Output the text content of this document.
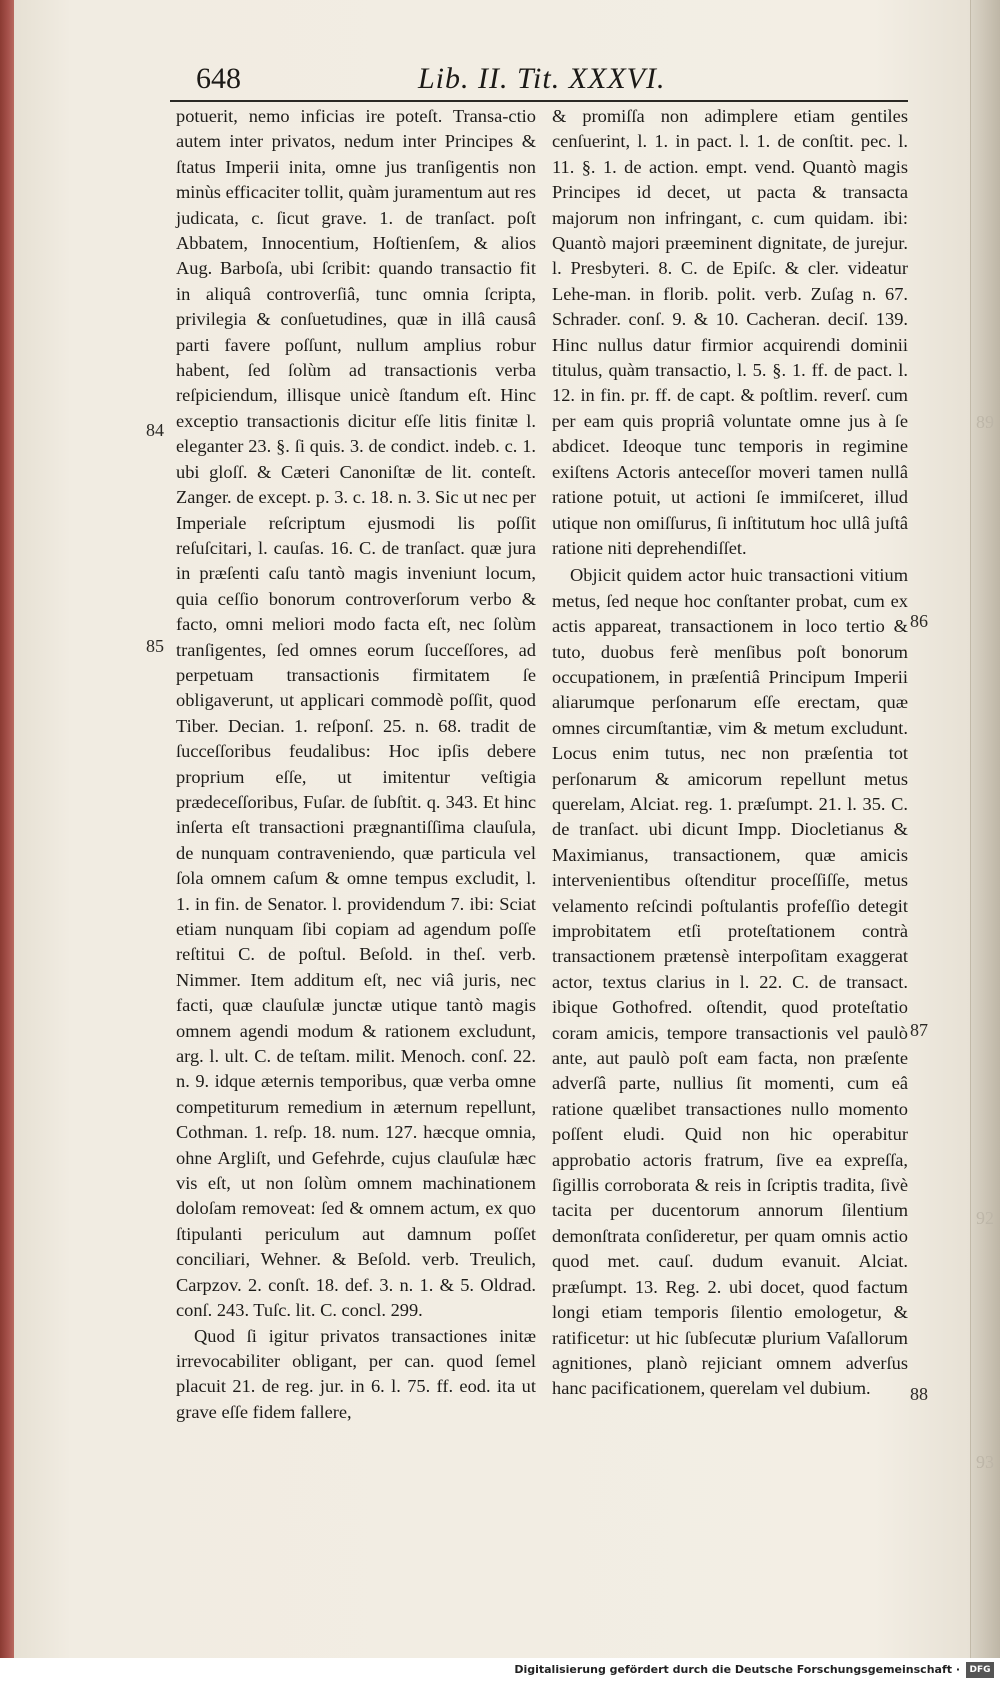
648	Lib. II. Tit. XXXVI.

potuerit, nemo inficias ire poteſt. Transa-ctio autem inter privatos, nedum inter Principes & ſtatus Imperii inita, omne jus tranſigentis non minùs efficaciter tollit, quàm juramentum aut res judicata, c. ſicut grave. 1. de tranſact. poſt Abbatem, Innocentium, Hoſtienſem, & alios Aug. Barboſa, ubi ſcribit: quando transactio fit in aliquâ controverſiâ, tunc omnia ſcripta, privilegia & conſuetudines, quæ in illâ causâ parti favere poſſunt, nullum amplius robur habent, ſed ſolùm ad transactionis verba reſpiciendum, illisque unicè ſtandum eſt. Hinc exceptio transactionis dicitur eſſe litis finitæ l. eleganter 23. §. ſi quis. 3. de condict. indeb. c. 1. ubi gloſſ. & Cæteri Canoniſtæ de lit. conteſt. Zanger. de except. p. 3. c. 18. n. 3. Sic ut nec per Imperiale reſcriptum ejusmodi lis poſſit reſuſcitari, l. cauſas. 16. C. de tranſact. quæ jura in præſenti caſu tantò magis inveniunt locum, quia ceſſio bonorum controverſorum verbo & facto, omni meliori modo facta eſt, nec ſolùm tranſigentes, ſed omnes eorum ſucceſſores, ad perpetuam transactionis firmitatem ſe obligaverunt, ut applicari commodè poſſit, quod Tiber. Decian. 1. reſponſ. 25. n. 68. tradit de ſucceſſoribus feudalibus: Hoc ipſis debere proprium eſſe, ut imitentur veſtigia prædeceſſoribus, Fuſar. de ſubſtit. q. 343. Et hinc inſerta eſt transactioni prægnantiſſima clauſula, de nunquam contraveniendo, quæ particula vel ſola omnem caſum & omne tempus excludit, l. 1. in fin. de Senator. l. providendum 7. ibi: Sciat etiam nunquam ſibi copiam ad agendum poſſe reſtitui C. de poſtul. Beſold. in theſ. verb. Nimmer. Item additum eſt, nec viâ juris, nec facti, quæ clauſulæ junctæ utique tantò magis omnem agendi modum & rationem excludunt, arg. l. ult. C. de teſtam. milit. Menoch. conſ. 22. n. 9. idque æternis temporibus, quæ verba omne competiturum remedium in æternum repellunt, Cothman. 1. reſp. 18. num. 127. hæcque omnia, ohne Argliſt, und Gefehrde, cujus clauſulæ hæc vis eſt, ut non ſolùm omnem machinationem doloſam removeat: ſed & omnem actum, ex quo ſtipulanti periculum aut damnum poſſet conciliari, Wehner. & Beſold. verb. Treulich, Carpzov. 2. conſt. 18. def. 3. n. 1. & 5. Oldrad. conſ. 243. Tuſc. lit. C. concl. 299.

Quod ſi igitur privatos transactiones initæ irrevocabiliter obligant, per can. quod ſemel placuit 21. de reg. jur. in 6. l. 75. ff. eod. ita ut grave eſſe fidem fallere,

& promiſſa non adimplere etiam gentiles cenſuerint, l. 1. in pact. l. 1. de conſtit. pec. l. 11. §. 1. de action. empt. vend. Quantò magis Principes id decet, ut pacta & transacta majorum non infringant, c. cum quidam. ibi: Quantò majori præeminent dignitate, de jurejur. l. Presbyteri. 8. C. de Epiſc. & cler. videatur Lehe-man. in florib. polit. verb. Zuſag n. 67. Schrader. conſ. 9. & 10. Cacheran. deciſ. 139. Hinc nullus datur firmior acquirendi dominii titulus, quàm transactio, l. 5. §. 1. ff. de pact. l. 12. in fin. pr. ff. de capt. & poſtlim. reverſ. cum per eam quis propriâ voluntate omne jus à ſe abdicet. Ideoque tunc temporis in regimine exiſtens Actoris anteceſſor moveri tamen nullâ ratione potuit, ut actioni ſe immiſceret, illud utique non omiſſurus, ſi inſtitutum hoc ullâ juſtâ ratione niti deprehendiſſet.

Objicit quidem actor huic transactioni vitium metus, ſed neque hoc conſtanter probat, cum ex actis appareat, transactionem in loco tertio & tuto, duobus ferè menſibus poſt bonorum occupationem, in præſentiâ Principum Imperii aliarumque perſonarum eſſe erectam, quæ omnes circumſtantiæ, vim & metum excludunt. Locus enim tutus, nec non præſentia tot perſonarum & amicorum repellunt metus querelam, Alciat. reg. 1. præſumpt. 21. l. 35. C. de tranſact. ubi dicunt Impp. Diocletianus & Maximianus, transactionem, quæ amicis intervenientibus oſtenditur proceſſiſſe, metus velamento reſcindi poſtulantis profeſſio detegit improbitatem etſi proteſtationem contrà transactionem prætensè interpoſitam exaggerat actor, textus clarius in l. 22. C. de transact. ibique Gothofred. oſtendit, quod proteſtatio coram amicis, tempore transactionis vel paulò ante, aut paulò poſt eam facta, non præſente adverſâ parte, nullius ſit momenti, cum eâ ratione quælibet transactiones nullo momento poſſent eludi. Quid non hic operabitur approbatio actoris fratrum, ſive ea expreſſa, ſigillis corroborata & reis in ſcriptis tradita, ſivè tacita per ducentorum annorum ſilentium demonſtrata conſideretur, per quam omnis actio quod met. cauſ. dudum evanuit. Alciat. præſumpt. 13. Reg. 2. ubi docet, quod factum longi etiam temporis ſilentio emologetur, & ratificetur: ut hic ſubſecutæ plurium Vaſallorum agnitiones, planò rejiciant omnem adverſus hanc pacificationem, querelam vel dubium.

84
85
86
87
88
89
92
93
Digitalisierung gefördert durch die Deutsche Forschungsgemeinschaft ·	DFG
